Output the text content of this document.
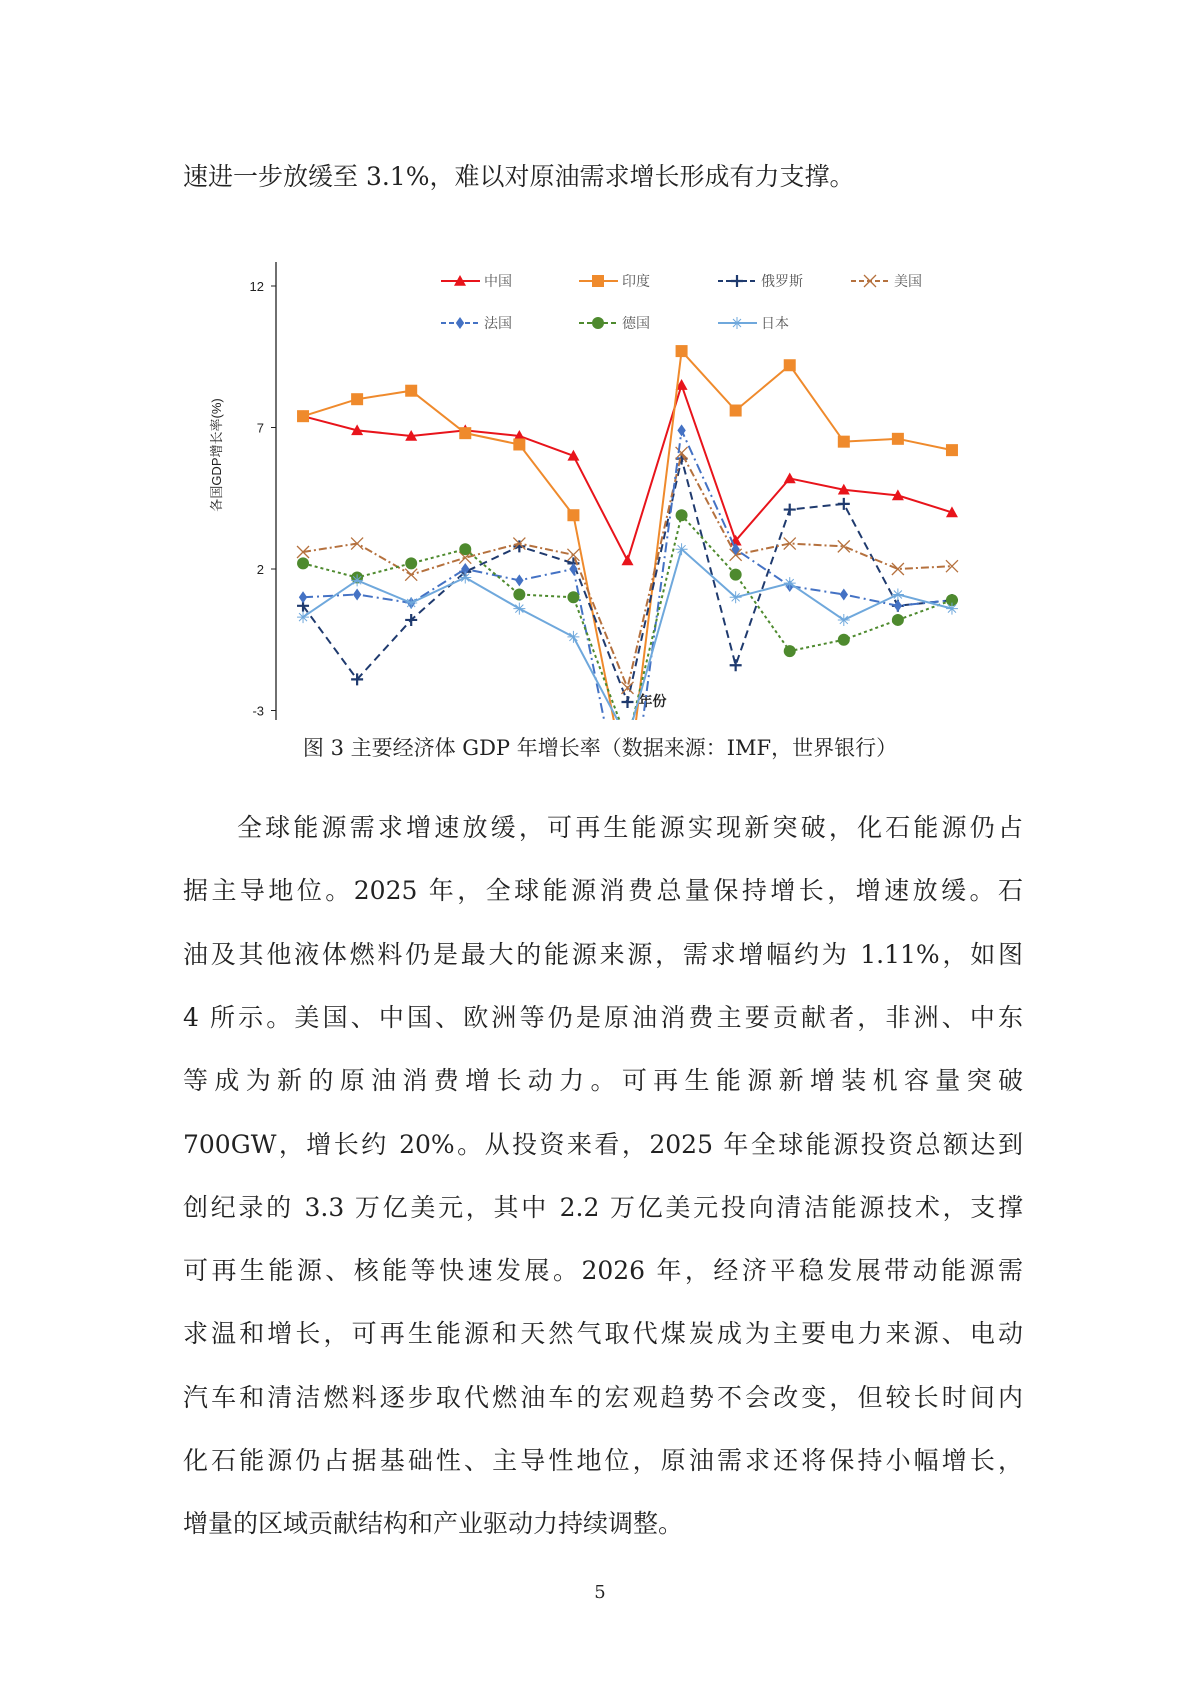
速进一步放缓至 3.1%，难以对原油需求增长形成有力支撑。
12
7
2
-3
年份
各国GDP增长率(%)
中国	印度	俄罗斯	美国
法国	德国	日本
图 3 主要经济体 GDP 年增长率（数据来源：IMF，世界银行）
全球能源需求增速放缓，可再生能源实现新突破，化石能源仍占
据主导地位。2025 年，全球能源消费总量保持增长，增速放缓。石
油及其他液体燃料仍是最大的能源来源，需求增幅约为 1.11%，如图
4 所示。美国、中国、欧洲等仍是原油消费主要贡献者，非洲、中东
等成为新的原油消费增长动力。可再生能源新增装机容量突破
700GW，增长约 20%。从投资来看，2025 年全球能源投资总额达到
创纪录的 3.3 万亿美元，其中 2.2 万亿美元投向清洁能源技术，支撑
可再生能源、核能等快速发展。2026 年，经济平稳发展带动能源需
求温和增长，可再生能源和天然气取代煤炭成为主要电力来源、电动
汽车和清洁燃料逐步取代燃油车的宏观趋势不会改变，但较长时间内
化石能源仍占据基础性、主导性地位，原油需求还将保持小幅增长，
增量的区域贡献结构和产业驱动力持续调整。
5
